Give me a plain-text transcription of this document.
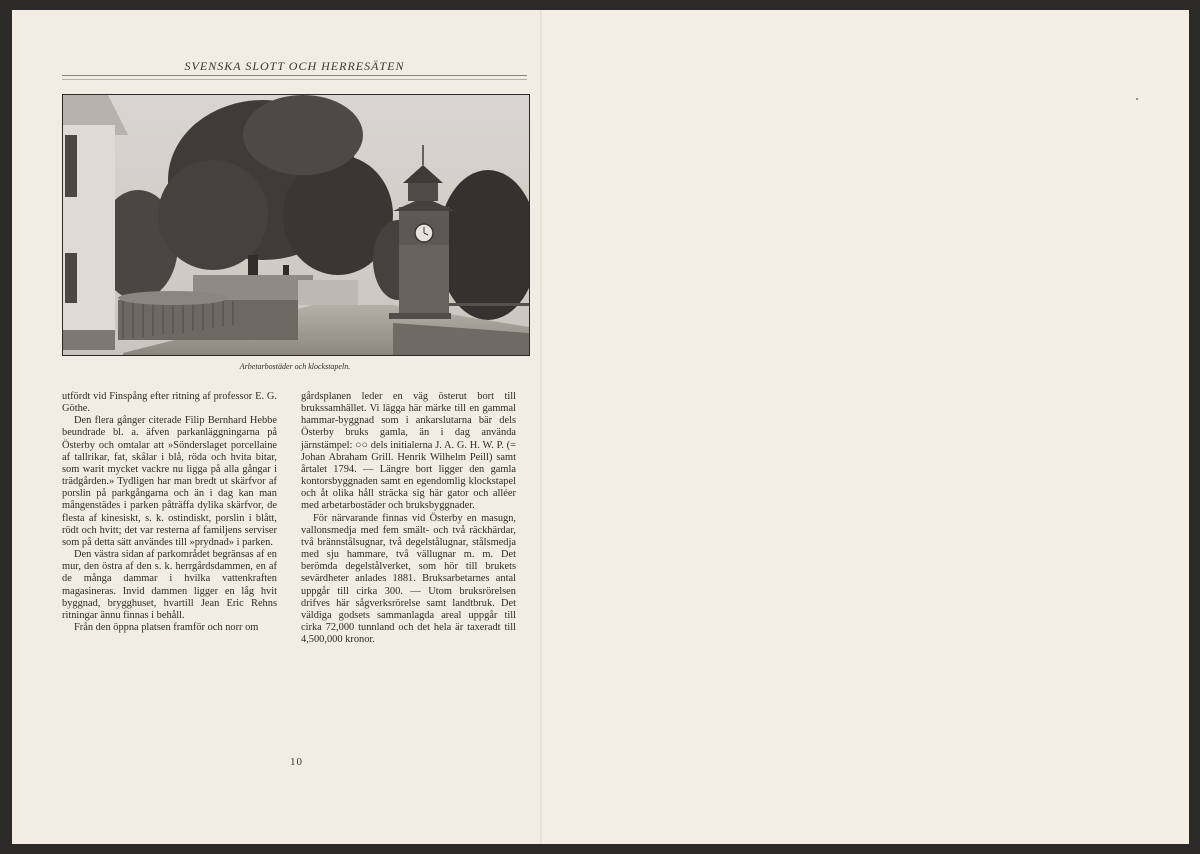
SVENSKA SLOTT OCH HERRESÄTEN
Arbetarbostäder och klockstapeln.

utfördt vid Finspång efter ritning af professor E. G. Göthe.

Den flera gånger citerade Filip Bernhard Hebbe beundrade bl. a. äfven parkanläggningarna på Österby och omtalar att »Sönderslaget porcellaine af tallrikar, fat, skålar i blå, röda och hvita bitar, som warit mycket vackre nu ligga på alla gångar i trädgården.» Tydligen har man bredt ut skärfvor af porslin på parkgångarna och än i dag kan man mångenstädes i parken påträffa dylika skärfvor, de flesta af kinesiskt, s. k. ostindiskt, porslin i blått, rödt och hvitt; det var resterna af familjens serviser som på detta sätt användes till »prydnad» i parken.

Den västra sidan af parkområdet begränsas af en mur, den östra af den s. k. herrgårdsdammen, en af de många dammar i hvilka vattenkraften magasineras. Invid dammen ligger en låg hvit byggnad, brygghuset, hvartill Jean Eric Rehns ritningar ännu finnas i behåll.

Från den öppna platsen framför och norr om

gårdsplanen leder en väg österut bort till brukssamhället. Vi lägga här märke till en gammal hammar-byggnad som i ankarslutarna bär dels Österby bruks gamla, än i dag använda järnstämpel: ○○ dels initialerna J. A. G. H. W. P. (= Johan Abraham Grill. Henrik Wilhelm Peill) samt årtalet 1794. — Längre bort ligger den gamla kontorsbyggnaden samt en egendomlig klockstapel och åt olika håll sträcka sig här gator och alléer med arbetarbostäder och bruksbyggnader.

För närvarande finnas vid Österby en masugn, vallonsmedja med fem smält- och två räckhärdar, två brännstålsugnar, två degelstålugnar, stålsmedja med sju hammare, två vällugnar m. m. Det berömda degelstålverket, som hör till brukets sevärdheter anlades 1881. Bruksarbetarnes antal uppgår till cirka 300. — Utom bruksrörelsen drifves här sågverksrörelse samt landtbruk. Det väldiga godsets sammanlagda areal uppgår till cirka 72,000 tunnland och det hela är taxeradt till 4,500,000 kronor.

10
